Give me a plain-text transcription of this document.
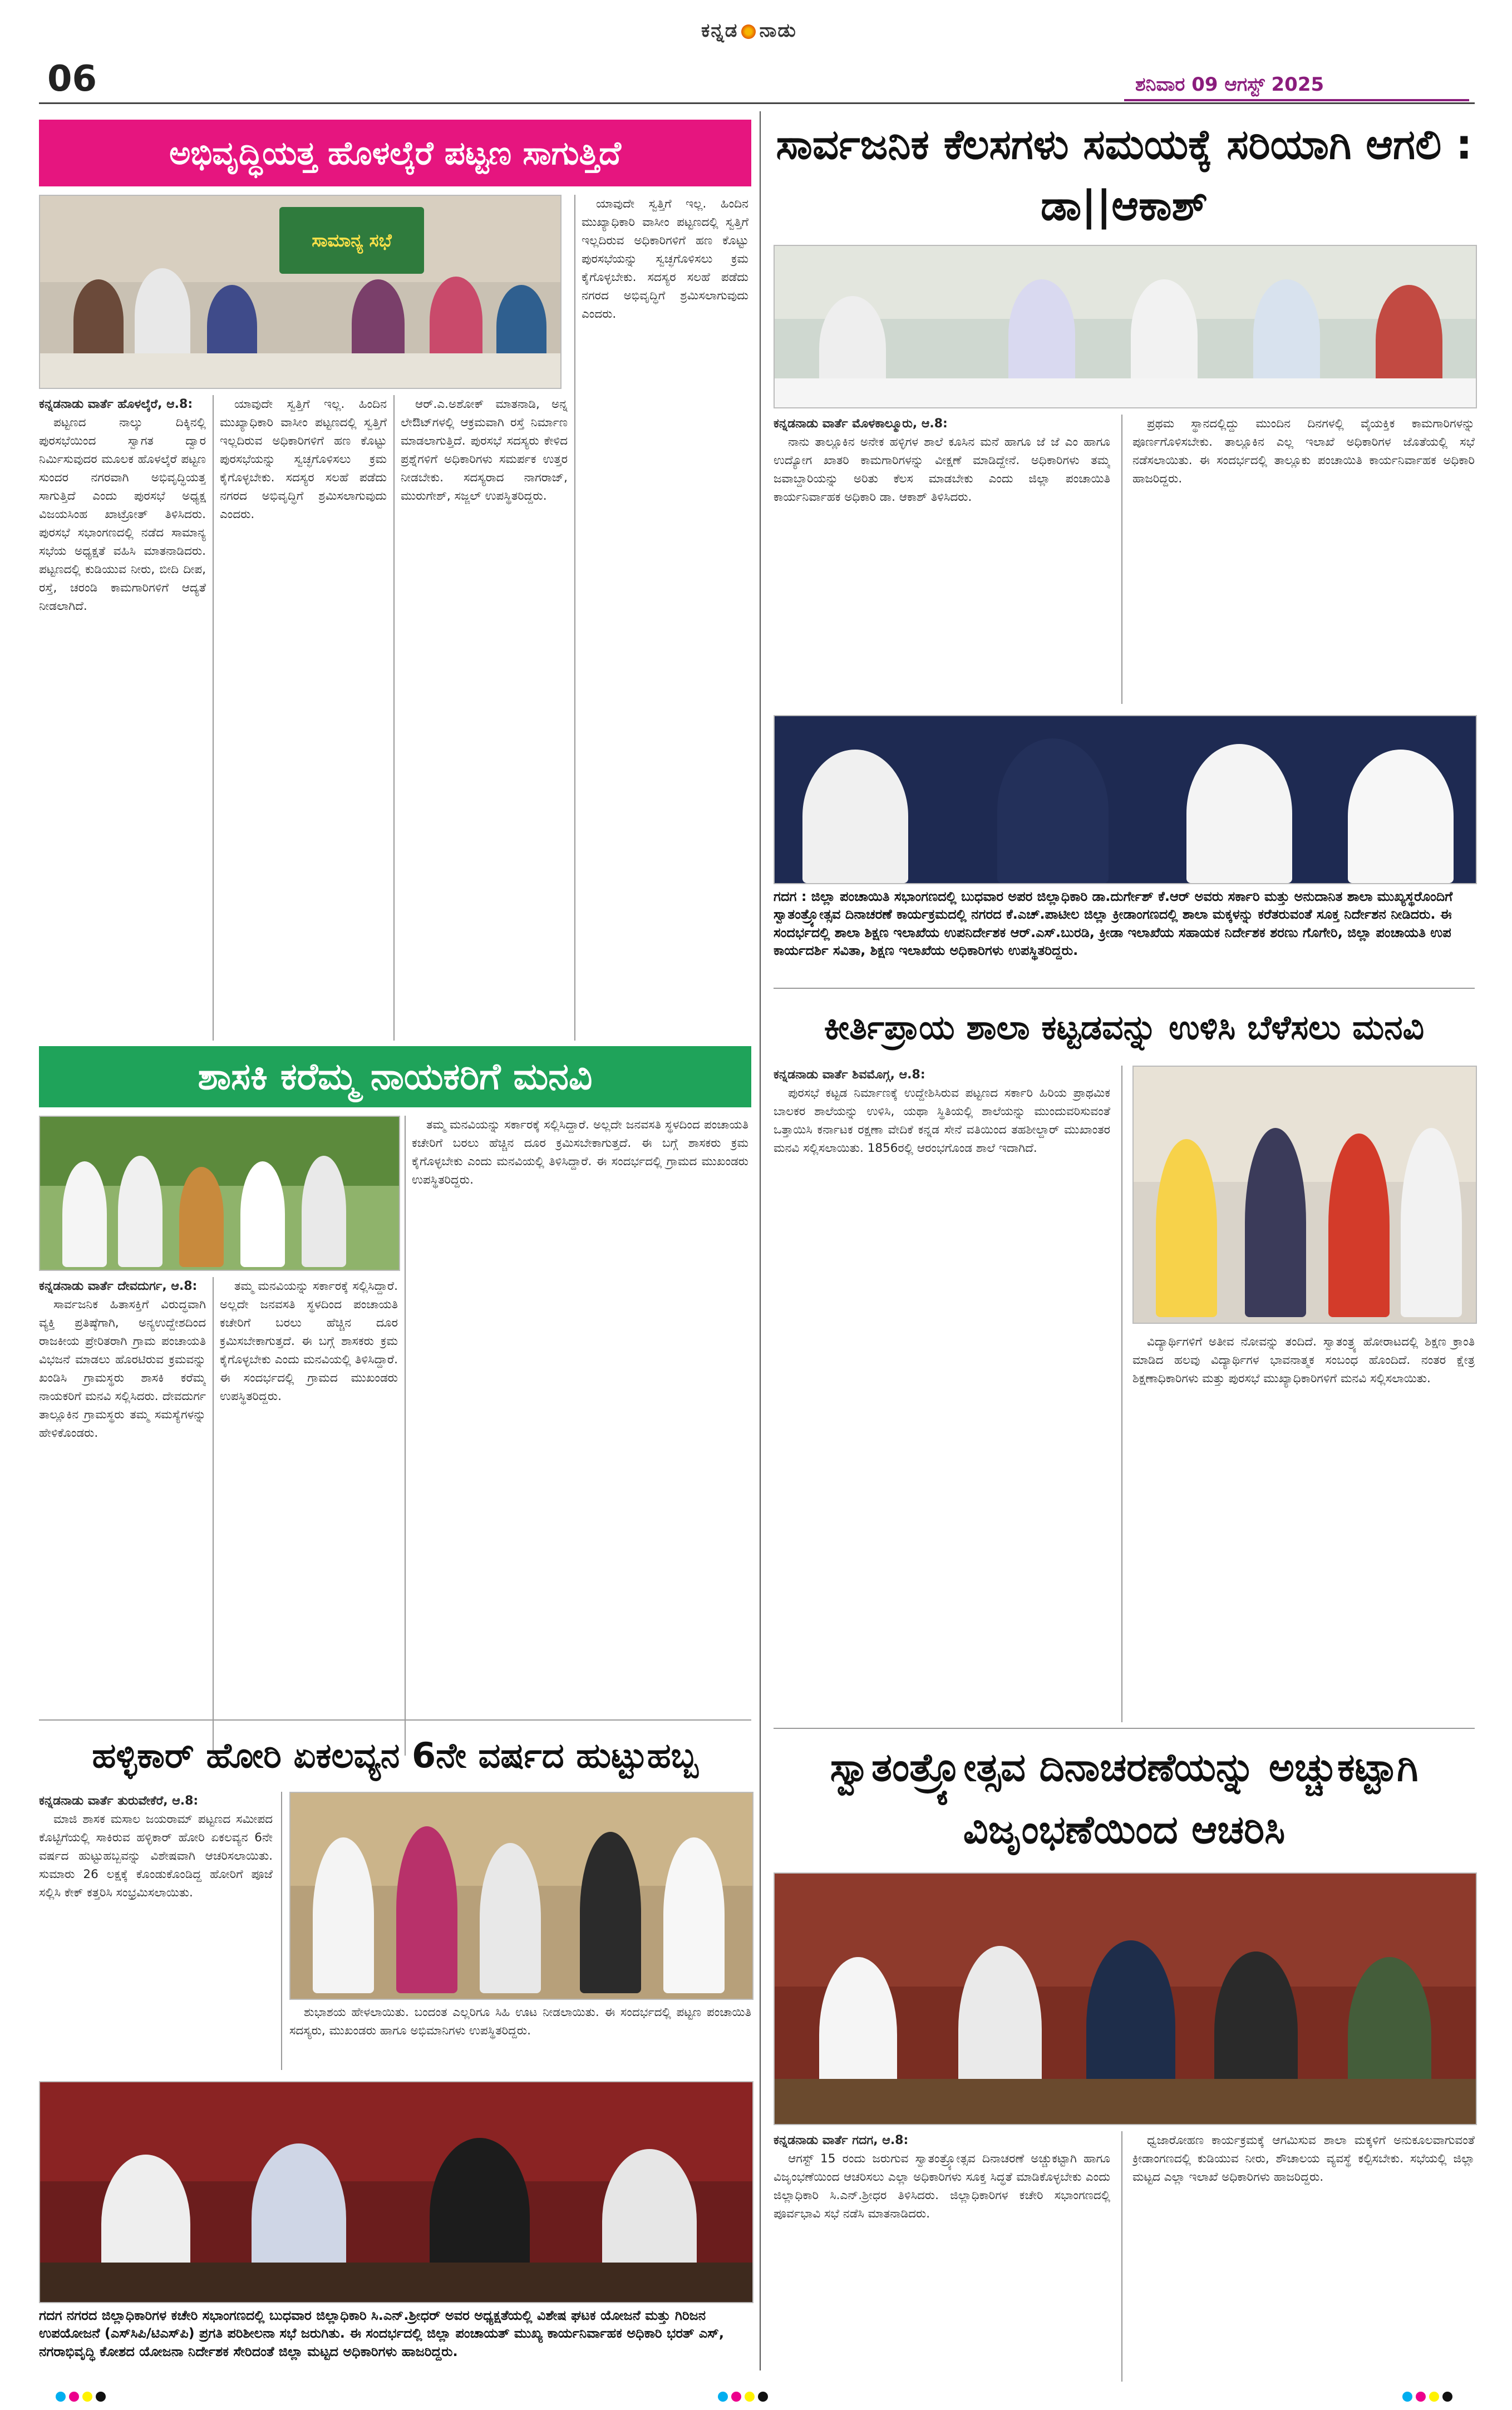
ಕನ್ನಡ ನಾಡು
06	ಶನಿವಾರ 09 ಆಗಸ್ಟ್ 2025
ಅಭಿವೃದ್ಧಿಯತ್ತ ಹೊಳಲ್ಕೆರೆ ಪಟ್ಟಣ ಸಾಗುತ್ತಿದೆ
ಸಾಮಾನ್ಯ ಸಭೆ
ಕನ್ನಡನಾಡು ವಾರ್ತೆ ಹೊಳಲ್ಕೆರೆ, ಆ.8:

ಪಟ್ಟಣದ ನಾಲ್ಕು ದಿಕ್ಕಿನಲ್ಲಿ ಪುರಸಭೆಯಿಂದ ಸ್ವಾಗತ ದ್ವಾರ ನಿರ್ಮಿಸುವುದರ ಮೂಲಕ ಹೊಳಲ್ಕೆರೆ ಪಟ್ಟಣ ಸುಂದರ ನಗರವಾಗಿ ಅಭಿವೃದ್ಧಿಯತ್ತ ಸಾಗುತ್ತಿದೆ ಎಂದು ಪುರಸಭೆ ಅಧ್ಯಕ್ಷ ವಿಜಯಸಿಂಹ ಖಾಟ್ರೋತ್ ತಿಳಿಸಿದರು. ಪುರಸಭೆ ಸಭಾಂಗಣದಲ್ಲಿ ನಡೆದ ಸಾಮಾನ್ಯ ಸಭೆಯ ಅಧ್ಯಕ್ಷತೆ ವಹಿಸಿ ಮಾತನಾಡಿದರು. ಪಟ್ಟಣದಲ್ಲಿ ಕುಡಿಯುವ ನೀರು, ಬೀದಿ ದೀಪ, ರಸ್ತೆ, ಚರಂಡಿ ಕಾಮಗಾರಿಗಳಿಗೆ ಆದ್ಯತೆ ನೀಡಲಾಗಿದೆ.

ಯಾವುದೇ ಸ್ವತ್ತಿಗೆ ಇಲ್ಲ. ಹಿಂದಿನ ಮುಖ್ಯಾಧಿಕಾರಿ ವಾಸೀಂ ಪಟ್ಟಣದಲ್ಲಿ ಸ್ವತ್ತಿಗೆ ಇಲ್ಲದಿರುವ ಅಧಿಕಾರಿಗಳಿಗೆ ಹಣ ಕೊಟ್ಟು ಪುರಸಭೆಯನ್ನು ಸ್ವಚ್ಛಗೊಳಿಸಲು ಕ್ರಮ ಕೈಗೊಳ್ಳಬೇಕು. ಸದಸ್ಯರ ಸಲಹೆ ಪಡೆದು ನಗರದ ಅಭಿವೃದ್ಧಿಗೆ ಶ್ರಮಿಸಲಾಗುವುದು ಎಂದರು.

ಆರ್.ಎ.ಅಶೋಕ್ ಮಾತನಾಡಿ, ಅನ್ನ ಲೇಔಟ್‌ಗಳಲ್ಲಿ ಆಕ್ರಮವಾಗಿ ರಸ್ತೆ ನಿರ್ಮಾಣ ಮಾಡಲಾಗುತ್ತಿದೆ. ಪುರಸಭೆ ಸದಸ್ಯರು ಕೇಳಿದ ಪ್ರಶ್ನೆಗಳಿಗೆ ಅಧಿಕಾರಿಗಳು ಸಮರ್ಪಕ ಉತ್ತರ ನೀಡಬೇಕು. ಸದಸ್ಯರಾದ ನಾಗರಾಜ್, ಮುರುಗೇಶ್, ಸಜ್ಜಲ್ ಉಪಸ್ಥಿತರಿದ್ದರು.

ಯಾವುದೇ ಸ್ವತ್ತಿಗೆ ಇಲ್ಲ. ಹಿಂದಿನ ಮುಖ್ಯಾಧಿಕಾರಿ ವಾಸೀಂ ಪಟ್ಟಣದಲ್ಲಿ ಸ್ವತ್ತಿಗೆ ಇಲ್ಲದಿರುವ ಅಧಿಕಾರಿಗಳಿಗೆ ಹಣ ಕೊಟ್ಟು ಪುರಸಭೆಯನ್ನು ಸ್ವಚ್ಛಗೊಳಿಸಲು ಕ್ರಮ ಕೈಗೊಳ್ಳಬೇಕು. ಸದಸ್ಯರ ಸಲಹೆ ಪಡೆದು ನಗರದ ಅಭಿವೃದ್ಧಿಗೆ ಶ್ರಮಿಸಲಾಗುವುದು ಎಂದರು.

ಸಾರ್ವಜನಿಕ ಕೆಲಸಗಳು ಸಮಯಕ್ಕೆ ಸರಿಯಾಗಿ ಆಗಲಿ : ಡಾ||ಆಕಾಶ್
ಕನ್ನಡನಾಡು ವಾರ್ತೆ ಮೊಳಕಾಲ್ಮೂರು, ಆ.8:

ನಾನು ತಾಲ್ಲೂಕಿನ ಅನೇಕ ಹಳ್ಳಿಗಳ ಶಾಲೆ ಕೂಸಿನ ಮನೆ ಹಾಗೂ ಜೆ ಜೆ ಎಂ ಹಾಗೂ ಉದ್ಯೋಗ ಖಾತರಿ ಕಾಮಗಾರಿಗಳನ್ನು ವೀಕ್ಷಣೆ ಮಾಡಿದ್ದೇನೆ. ಅಧಿಕಾರಿಗಳು ತಮ್ಮ ಜವಾಬ್ದಾರಿಯನ್ನು ಅರಿತು ಕೆಲಸ ಮಾಡಬೇಕು ಎಂದು ಜಿಲ್ಲಾ ಪಂಚಾಯಿತಿ ಕಾರ್ಯನಿರ್ವಾಹಕ ಅಧಿಕಾರಿ ಡಾ. ಆಕಾಶ್ ತಿಳಿಸಿದರು.

ಪ್ರಥಮ ಸ್ಥಾನದಲ್ಲಿದ್ದು ಮುಂದಿನ ದಿನಗಳಲ್ಲಿ ವೈಯಕ್ತಿಕ ಕಾಮಗಾರಿಗಳನ್ನು ಪೂರ್ಣಗೊಳಿಸಬೇಕು. ತಾಲ್ಲೂಕಿನ ಎಲ್ಲ ಇಲಾಖೆ ಅಧಿಕಾರಿಗಳ ಜೊತೆಯಲ್ಲಿ ಸಭೆ ನಡೆಸಲಾಯಿತು. ಈ ಸಂದರ್ಭದಲ್ಲಿ ತಾಲ್ಲೂಕು ಪಂಚಾಯಿತಿ ಕಾರ್ಯನಿರ್ವಾಹಕ ಅಧಿಕಾರಿ ಹಾಜರಿದ್ದರು.

ಗದಗ : ಜಿಲ್ಲಾ ಪಂಚಾಯಿತಿ ಸಭಾಂಗಣದಲ್ಲಿ ಬುಧವಾರ ಅಪರ ಜಿಲ್ಲಾಧಿಕಾರಿ ಡಾ.ದುರ್ಗೇಶ್ ಕೆ.ಆರ್ ಅವರು ಸರ್ಕಾರಿ ಮತ್ತು ಅನುದಾನಿತ ಶಾಲಾ ಮುಖ್ಯಸ್ಥರೊಂದಿಗೆ ಸ್ವಾತಂತ್ರ್ಯೋತ್ಸವ ದಿನಾಚರಣೆ ಕಾರ್ಯಕ್ರಮದಲ್ಲಿ ನಗರದ ಕೆ.ಎಚ್.ಪಾಟೀಲ ಜಿಲ್ಲಾ ಕ್ರೀಡಾಂಗಣದಲ್ಲಿ ಶಾಲಾ ಮಕ್ಕಳನ್ನು ಕರೆತರುವಂತೆ ಸೂಕ್ತ ನಿರ್ದೇಶನ ನೀಡಿದರು. ಈ ಸಂದರ್ಭದಲ್ಲಿ ಶಾಲಾ ಶಿಕ್ಷಣ ಇಲಾಖೆಯ ಉಪನಿರ್ದೇಶಕ ಆರ್.ಎಸ್.ಬುರಡಿ, ಕ್ರೀಡಾ ಇಲಾಖೆಯ ಸಹಾಯಕ ನಿರ್ದೇಶಕ ಶರಣು ಗೊಗೇರಿ, ಜಿಲ್ಲಾ ಪಂಚಾಯತಿ ಉಪ ಕಾರ್ಯದರ್ಶಿ ಸವಿತಾ, ಶಿಕ್ಷಣ ಇಲಾಖೆಯ ಅಧಿಕಾರಿಗಳು ಉಪಸ್ಥಿತರಿದ್ದರು.
ಶಾಸಕಿ ಕರೆಮ್ಮ ನಾಯಕರಿಗೆ ಮನವಿ
ಕನ್ನಡನಾಡು ವಾರ್ತೆ ದೇವದುರ್ಗ, ಆ.8:

ಸಾರ್ವಜನಿಕ ಹಿತಾಸಕ್ತಿಗೆ ವಿರುದ್ಧವಾಗಿ ವ್ಯಕ್ತಿ ಪ್ರತಿಷ್ಠೆಗಾಗಿ, ಅನ್ಯಉದ್ದೇಶದಿಂದ ರಾಜಕೀಯ ಪ್ರೇರಿತರಾಗಿ ಗ್ರಾಮ ಪಂಚಾಯತಿ ವಿಭಜನೆ ಮಾಡಲು ಹೊರಟಿರುವ ಕ್ರಮವನ್ನು ಖಂಡಿಸಿ ಗ್ರಾಮಸ್ಥರು ಶಾಸಕಿ ಕರೆಮ್ಮ ನಾಯಕರಿಗೆ ಮನವಿ ಸಲ್ಲಿಸಿದರು. ದೇವದುರ್ಗ ತಾಲ್ಲೂಕಿನ ಗ್ರಾಮಸ್ಥರು ತಮ್ಮ ಸಮಸ್ಯೆಗಳನ್ನು ಹೇಳಿಕೊಂಡರು.

ತಮ್ಮ ಮನವಿಯನ್ನು ಸರ್ಕಾರಕ್ಕೆ ಸಲ್ಲಿಸಿದ್ದಾರೆ. ಅಲ್ಲದೇ ಜನವಸತಿ ಸ್ಥಳದಿಂದ ಪಂಚಾಯತಿ ಕಚೇರಿಗೆ ಬರಲು ಹೆಚ್ಚಿನ ದೂರ ಕ್ರಮಿಸಬೇಕಾಗುತ್ತದೆ. ಈ ಬಗ್ಗೆ ಶಾಸಕರು ಕ್ರಮ ಕೈಗೊಳ್ಳಬೇಕು ಎಂದು ಮನವಿಯಲ್ಲಿ ತಿಳಿಸಿದ್ದಾರೆ. ಈ ಸಂದರ್ಭದಲ್ಲಿ ಗ್ರಾಮದ ಮುಖಂಡರು ಉಪಸ್ಥಿತರಿದ್ದರು.

ತಮ್ಮ ಮನವಿಯನ್ನು ಸರ್ಕಾರಕ್ಕೆ ಸಲ್ಲಿಸಿದ್ದಾರೆ. ಅಲ್ಲದೇ ಜನವಸತಿ ಸ್ಥಳದಿಂದ ಪಂಚಾಯತಿ ಕಚೇರಿಗೆ ಬರಲು ಹೆಚ್ಚಿನ ದೂರ ಕ್ರಮಿಸಬೇಕಾಗುತ್ತದೆ. ಈ ಬಗ್ಗೆ ಶಾಸಕರು ಕ್ರಮ ಕೈಗೊಳ್ಳಬೇಕು ಎಂದು ಮನವಿಯಲ್ಲಿ ತಿಳಿಸಿದ್ದಾರೆ. ಈ ಸಂದರ್ಭದಲ್ಲಿ ಗ್ರಾಮದ ಮುಖಂಡರು ಉಪಸ್ಥಿತರಿದ್ದರು.

ಕೀರ್ತಿಪ್ರಾಯ ಶಾಲಾ ಕಟ್ಟಡವನ್ನು ಉಳಿಸಿ ಬೆಳೆಸಲು ಮನವಿ
ಕನ್ನಡನಾಡು ವಾರ್ತೆ ಶಿವಮೊಗ್ಗ, ಆ.8:

ಪುರಸಭೆ ಕಟ್ಟಡ ನಿರ್ಮಾಣಕ್ಕೆ ಉದ್ದೇಶಿಸಿರುವ ಪಟ್ಟಣದ ಸರ್ಕಾರಿ ಹಿರಿಯ ಪ್ರಾಥಮಿಕ ಬಾಲಕರ ಶಾಲೆಯನ್ನು ಉಳಿಸಿ, ಯಥಾ ಸ್ಥಿತಿಯಲ್ಲಿ ಶಾಲೆಯನ್ನು ಮುಂದುವರಿಸುವಂತೆ ಒತ್ತಾಯಿಸಿ ಕರ್ನಾಟಕ ರಕ್ಷಣಾ ವೇದಿಕೆ ಕನ್ನಡ ಸೇನೆ ವತಿಯಿಂದ ತಹಶೀಲ್ದಾರ್ ಮುಖಾಂತರ ಮನವಿ ಸಲ್ಲಿಸಲಾಯಿತು. 1856ರಲ್ಲಿ ಆರಂಭಗೊಂಡ ಶಾಲೆ ಇದಾಗಿದೆ.

ವಿದ್ಯಾರ್ಥಿಗಳಿಗೆ ಅತೀವ ನೋವನ್ನು ತಂದಿದೆ. ಸ್ವಾತಂತ್ರ್ಯ ಹೋರಾಟದಲ್ಲಿ ಶಿಕ್ಷಣ ಕ್ರಾಂತಿ ಮಾಡಿದ ಹಲವು ವಿದ್ಯಾರ್ಥಿಗಳ ಭಾವನಾತ್ಮಕ ಸಂಬಂಧ ಹೊಂದಿದೆ. ನಂತರ ಕ್ಷೇತ್ರ ಶಿಕ್ಷಣಾಧಿಕಾರಿಗಳು ಮತ್ತು ಪುರಸಭೆ ಮುಖ್ಯಾಧಿಕಾರಿಗಳಿಗೆ ಮನವಿ ಸಲ್ಲಿಸಲಾಯಿತು.

ಸ್ವಾತಂತ್ರ್ಯೋತ್ಸವ ದಿನಾಚರಣೆಯನ್ನು ಅಚ್ಚುಕಟ್ಟಾಗಿ ವಿಜೃಂಭಣೆಯಿಂದ ಆಚರಿಸಿ
ಕನ್ನಡನಾಡು ವಾರ್ತೆ ಗದಗ, ಆ.8:

ಆಗಸ್ಟ್ 15 ರಂದು ಜರುಗುವ ಸ್ವಾತಂತ್ರ್ಯೋತ್ಸವ ದಿನಾಚರಣೆ ಅಚ್ಚುಕಟ್ಟಾಗಿ ಹಾಗೂ ವಿಜೃಂಭಣೆಯಿಂದ ಆಚರಿಸಲು ಎಲ್ಲಾ ಅಧಿಕಾರಿಗಳು ಸೂಕ್ತ ಸಿದ್ಧತೆ ಮಾಡಿಕೊಳ್ಳಬೇಕು ಎಂದು ಜಿಲ್ಲಾಧಿಕಾರಿ ಸಿ.ಎನ್.ಶ್ರೀಧರ ತಿಳಿಸಿದರು. ಜಿಲ್ಲಾಧಿಕಾರಿಗಳ ಕಚೇರಿ ಸಭಾಂಗಣದಲ್ಲಿ ಪೂರ್ವಭಾವಿ ಸಭೆ ನಡೆಸಿ ಮಾತನಾಡಿದರು.

ಧ್ವಜಾರೋಹಣ ಕಾರ್ಯಕ್ರಮಕ್ಕೆ ಆಗಮಿಸುವ ಶಾಲಾ ಮಕ್ಕಳಿಗೆ ಅನುಕೂಲವಾಗುವಂತೆ ಕ್ರೀಡಾಂಗಣದಲ್ಲಿ ಕುಡಿಯುವ ನೀರು, ಶೌಚಾಲಯ ವ್ಯವಸ್ಥೆ ಕಲ್ಪಿಸಬೇಕು. ಸಭೆಯಲ್ಲಿ ಜಿಲ್ಲಾ ಮಟ್ಟದ ಎಲ್ಲಾ ಇಲಾಖೆ ಅಧಿಕಾರಿಗಳು ಹಾಜರಿದ್ದರು.

ಹಳ್ಳಿಕಾರ್ ಹೋರಿ ಏಕಲವ್ಯನ 6ನೇ ವರ್ಷದ ಹುಟ್ಟುಹಬ್ಬ
ಕನ್ನಡನಾಡು ವಾರ್ತೆ ತುರುವೇಕೆರೆ, ಆ.8:

ಮಾಜಿ ಶಾಸಕ ಮಸಾಲ ಜಯರಾಮ್ ಪಟ್ಟಣದ ಸಮೀಪದ ಕೊಟ್ಟಿಗೆಯಲ್ಲಿ ಸಾಕಿರುವ ಹಳ್ಳಿಕಾರ್ ಹೋರಿ ಏಕಲವ್ಯನ 6ನೇ ವರ್ಷದ ಹುಟ್ಟುಹಬ್ಬವನ್ನು ವಿಶೇಷವಾಗಿ ಆಚರಿಸಲಾಯಿತು. ಸುಮಾರು 26 ಲಕ್ಷಕ್ಕೆ ಕೊಂಡುಕೊಂಡಿದ್ದ ಹೋರಿಗೆ ಪೂಜೆ ಸಲ್ಲಿಸಿ ಕೇಕ್ ಕತ್ತರಿಸಿ ಸಂಭ್ರಮಿಸಲಾಯಿತು.

ಶುಭಾಶಯ ಹೇಳಲಾಯಿತು. ಬಂದಂತ ಎಲ್ಲರಿಗೂ ಸಿಹಿ ಊಟ ನೀಡಲಾಯಿತು. ಈ ಸಂದರ್ಭದಲ್ಲಿ ಪಟ್ಟಣ ಪಂಚಾಯಿತಿ ಸದಸ್ಯರು, ಮುಖಂಡರು ಹಾಗೂ ಅಭಿಮಾನಿಗಳು ಉಪಸ್ಥಿತರಿದ್ದರು.

ಗದಗ ನಗರದ ಜಿಲ್ಲಾಧಿಕಾರಿಗಳ ಕಚೇರಿ ಸಭಾಂಗಣದಲ್ಲಿ ಬುಧವಾರ ಜಿಲ್ಲಾಧಿಕಾರಿ ಸಿ.ಎನ್.ಶ್ರೀಧರ್ ಅವರ ಅಧ್ಯಕ್ಷತೆಯಲ್ಲಿ ವಿಶೇಷ ಘಟಕ ಯೋಜನೆ ಮತ್ತು ಗಿರಿಜನ ಉಪಯೋಜನೆ (ಎಸ್‌ಸಿಪಿ/ಟಿಎಸ್‌ಪಿ) ಪ್ರಗತಿ ಪರಿಶೀಲನಾ ಸಭೆ ಜರುಗಿತು. ಈ ಸಂದರ್ಭದಲ್ಲಿ ಜಿಲ್ಲಾ ಪಂಚಾಯತ್ ಮುಖ್ಯ ಕಾರ್ಯನಿರ್ವಾಹಕ ಅಧಿಕಾರಿ ಭರತ್ ಎಸ್, ನಗರಾಭಿವೃದ್ಧಿ ಕೋಶದ ಯೋಜನಾ ನಿರ್ದೇಶಕ ಸೇರಿದಂತೆ ಜಿಲ್ಲಾ ಮಟ್ಟದ ಅಧಿಕಾರಿಗಳು ಹಾಜರಿದ್ದರು.
